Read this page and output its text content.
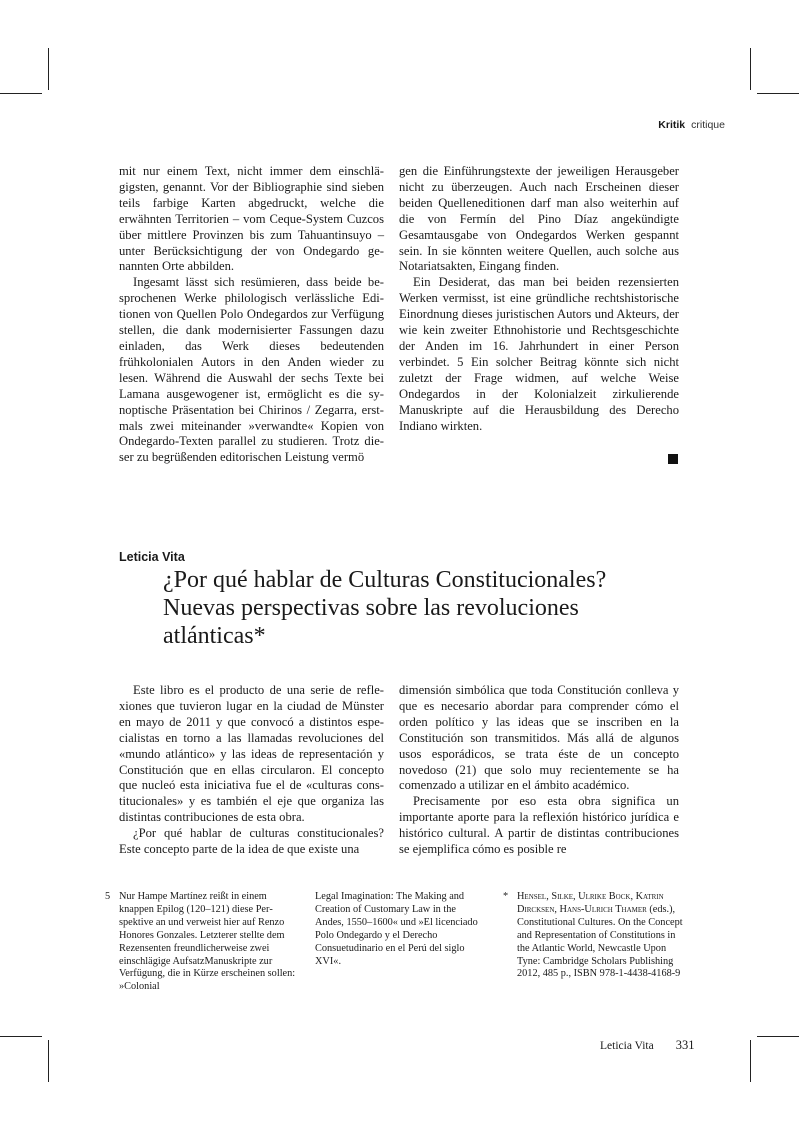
Kritik critique

mit nur einem Text, nicht immer dem einschlägigsten, genannt. Vor der Bibliographie sind sieben teils farbige Karten abgedruckt, welche die erwähnten Territorien – vom Ceque-System Cuzcos über mittlere Provinzen bis zum Tahuantinsuyo – unter Berücksichtigung der von Ondegardo genannten Orte abbilden.

Ingesamt lässt sich resümieren, dass beide besprochenen Werke philologisch verlässliche Editionen von Quellen Polo Ondegardos zur Verfügung stellen, die dank modernisierter Fassungen dazu einladen, das Werk dieses bedeutenden frühkolonialen Autors in den Anden wieder zu lesen. Während die Auswahl der sechs Texte bei Lamana ausgewogener ist, ermöglicht es die synoptische Präsentation bei Chirinos / Zegarra, erstmals zwei miteinander »verwandte« Kopien von Ondegardo-Texten parallel zu studieren. Trotz dieser zu begrüßenden editorischen Leistung vermö

gen die Einführungstexte der jeweiligen Herausgeber nicht zu überzeugen. Auch nach Erscheinen dieser beiden Quelleneditionen darf man also weiterhin auf die von Fermín del Pino Díaz angekündigte Gesamtausgabe von Ondegardos Werken gespannt sein. In sie könnten weitere Quellen, auch solche aus Notariatsakten, Eingang finden.

Ein Desiderat, das man bei beiden rezensierten Werken vermisst, ist eine gründliche rechtshistorische Einordnung dieses juristischen Autors und Akteurs, der wie kein zweiter Ethnohistorie und Rechtsgeschichte der Anden im 16. Jahrhundert in einer Person verbindet. 5 Ein solcher Beitrag könnte sich nicht zuletzt der Frage widmen, auf welche Weise Ondegardos in der Kolonialzeit zirkulierende Manuskripte auf die Herausbildung des Derecho Indiano wirkten.

Leticia Vita
¿Por qué hablar de Culturas Constitucionales?
Nuevas perspectivas sobre las revoluciones
atlánticas*

Este libro es el producto de una serie de reflexiones que tuvieron lugar en la ciudad de Münster en mayo de 2011 y que convocó a distintos especialistas en torno a las llamadas revoluciones del «mundo atlántico» y las ideas de representación y Constitución que en ellas circularon. El concepto que nucleó esta iniciativa fue el de «culturas constitucionales» y es también el eje que organiza las distintas contribuciones de esta obra.

¿Por qué hablar de culturas constitucionales? Este concepto parte de la idea de que existe una

dimensión simbólica que toda Constitución conlleva y que es necesario abordar para comprender cómo el orden político y las ideas que se inscriben en la Constitución son transmitidos. Más allá de algunos usos esporádicos, se trata éste de un concepto novedoso (21) que solo muy recientemente se ha comenzado a utilizar en el ámbito académico.

Precisamente por eso esta obra significa un importante aporte para la reflexión histórico jurídica e histórico cultural. A partir de distintas contribuciones se ejemplifica cómo es posible re

5 Nur Hampe Martínez reißt in einem knappen Epilog (120–121) diese Perspektive an und verweist hier auf Renzo Honores Gonzales. Letzterer stellte dem Rezensenten freundlicherweise zwei einschlägige AufsatzManuskripte zur Verfügung, die in Kürze erscheinen sollen: »Colonial
Legal Imagination: The Making and Creation of Customary Law in the Andes, 1550–1600« und »El licenciado Polo Ondegardo y el Derecho Consuetudinario en el Perú del siglo XVI«.
* Hensel, Silke, Ulrike Bock, Katrin Dircksen, Hans-Ulrich Thamer (eds.), Constitutional Cultures. On the Concept and Representation of Constitutions in the Atlantic World, Newcastle Upon Tyne: Cambridge Scholars Publishing 2012, 485 p., ISBN 978-1-4438-4168-9
Leticia Vita 331
